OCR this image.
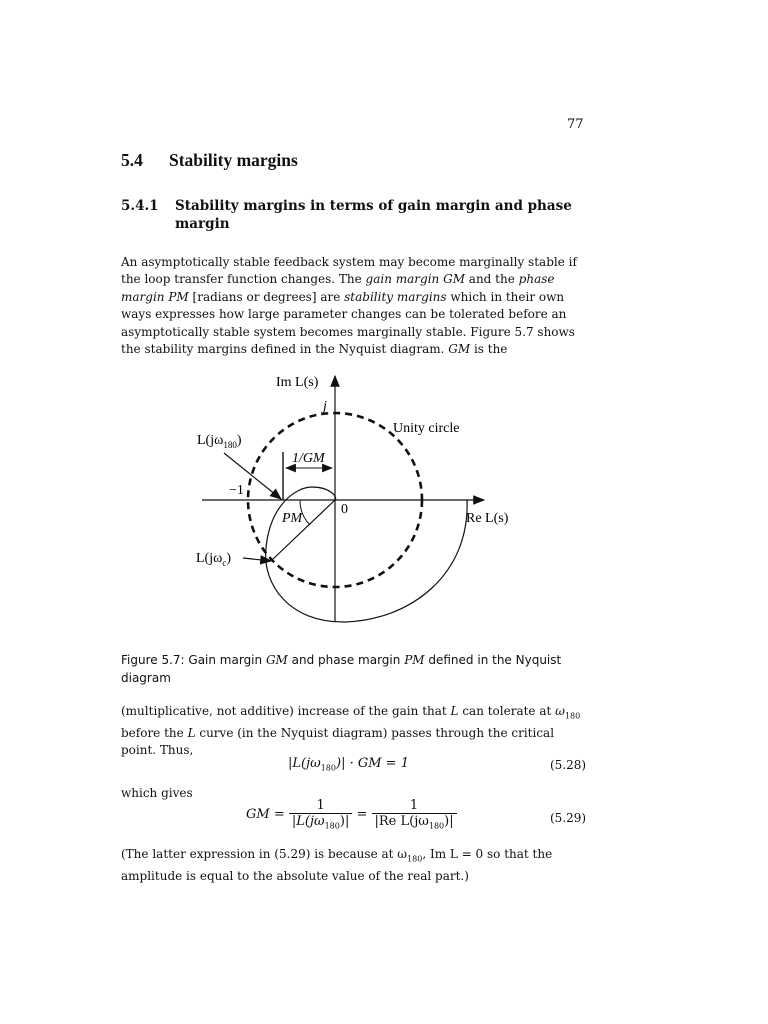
77
5.4 Stability margins
5.4.1 Stability margins in terms of gain margin and phase margin

An asymptotically stable feedback system may become marginally stable if the loop transfer function changes. The gain margin GM and the phase margin PM [radians or degrees] are stability margins which in their own ways expresses how large parameter changes can be tolerated before an asymptotically stable system becomes marginally stable. Figure 5.7 shows the stability margins defined in the Nyquist diagram. GM is the

Im L(s)
j
Unity circle
$L(j\omega_{180})$
1/GM
−1
0
PM	Re L(s)
$L(j\omega_c)$
Figure 5.7: Gain margin GM and phase margin PM defined in the Nyquist diagram

(multiplicative, not additive) increase of the gain that L can tolerate at $\omega_{180}$ before the L curve (in the Nyquist diagram) passes through the critical point. Thus,

$|L(j\omega_{180})|$ · GM = 1	(5.28)
which gives
GM = $\frac{1}{|L(j\omega_{180})|} = \frac{1}{|Re L(j\omega_{180})|}$	(5.29)

(The latter expression in (5.29) is because at $\omega_{180}$, Im L = 0 so that the amplitude is equal to the absolute value of the real part.)
